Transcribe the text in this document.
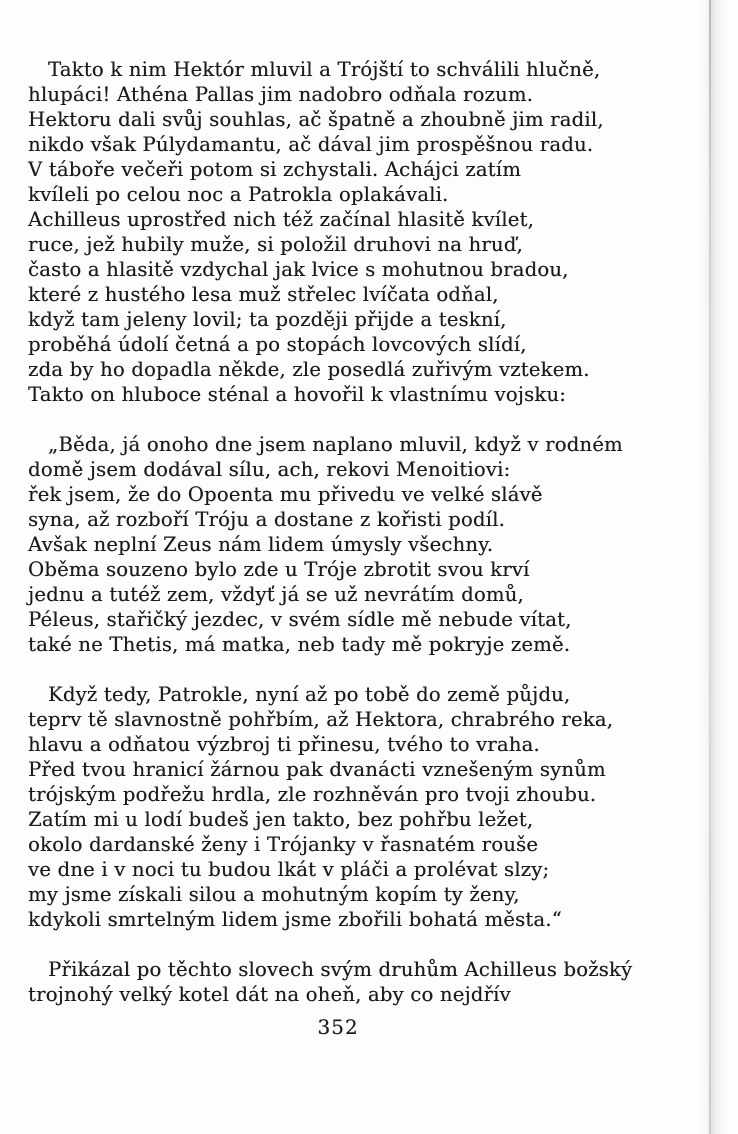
Takto k nim Hektór mluvil a Trójští to schválili hlučně,
hlupáci! Athéna Pallas jim nadobro odňala rozum.
Hektoru dali svůj souhlas, ač špatně a zhoubně jim radil,
nikdo však Púlydamantu, ač dával jim prospěšnou radu.
V táboře večeři potom si zchystali. Achájci zatím
kvíleli po celou noc a Patrokla oplakávali.
Achilleus uprostřed nich též začínal hlasitě kvílet,
ruce, jež hubily muže, si položil druhovi na hruď,
často a hlasitě vzdychal jak lvice s mohutnou bradou,
které z hustého lesa muž střelec lvíčata odňal,
když tam jeleny lovil; ta později přijde a teskní,
proběhá údolí četná a po stopách lovcových slídí,
zda by ho dopadla někde, zle posedlá zuřivým vztekem.
Takto on hluboce sténal a hovořil k vlastnímu vojsku:

„Běda, já onoho dne jsem naplano mluvil, když v rodném
domě jsem dodával sílu, ach, rekovi Menoitiovi:
řek jsem, že do Opoenta mu přivedu ve velké slávě
syna, až rozboří Tróju a dostane z kořisti podíl.
Avšak neplní Zeus nám lidem úmysly všechny.
Oběma souzeno bylo zde u Tróje zbrotit svou krví
jednu a tutéž zem, vždyť já se už nevrátím domů,
Péleus, stařičký jezdec, v svém sídle mě nebude vítat,
také ne Thetis, má matka, neb tady mě pokryje země.

Když tedy, Patrokle, nyní až po tobě do země půjdu,
teprv tě slavnostně pohřbím, až Hektora, chrabrého reka,
hlavu a odňatou výzbroj ti přinesu, tvého to vraha.
Před tvou hranicí žárnou pak dvanácti vznešeným synům
trójským podřežu hrdla, zle rozhněván pro tvoji zhoubu.
Zatím mi u lodí budeš jen takto, bez pohřbu ležet,
okolo dardanské ženy i Trójanky v řasnatém rouše
ve dne i v noci tu budou lkát v pláči a prolévat slzy;
my jsme získali silou a mohutným kopím ty ženy,
kdykoli smrtelným lidem jsme zbořili bohatá města.“

Přikázal po těchto slovech svým druhům Achilleus božský
trojnohý velký kotel dát na oheň, aby co nejdřív

352
